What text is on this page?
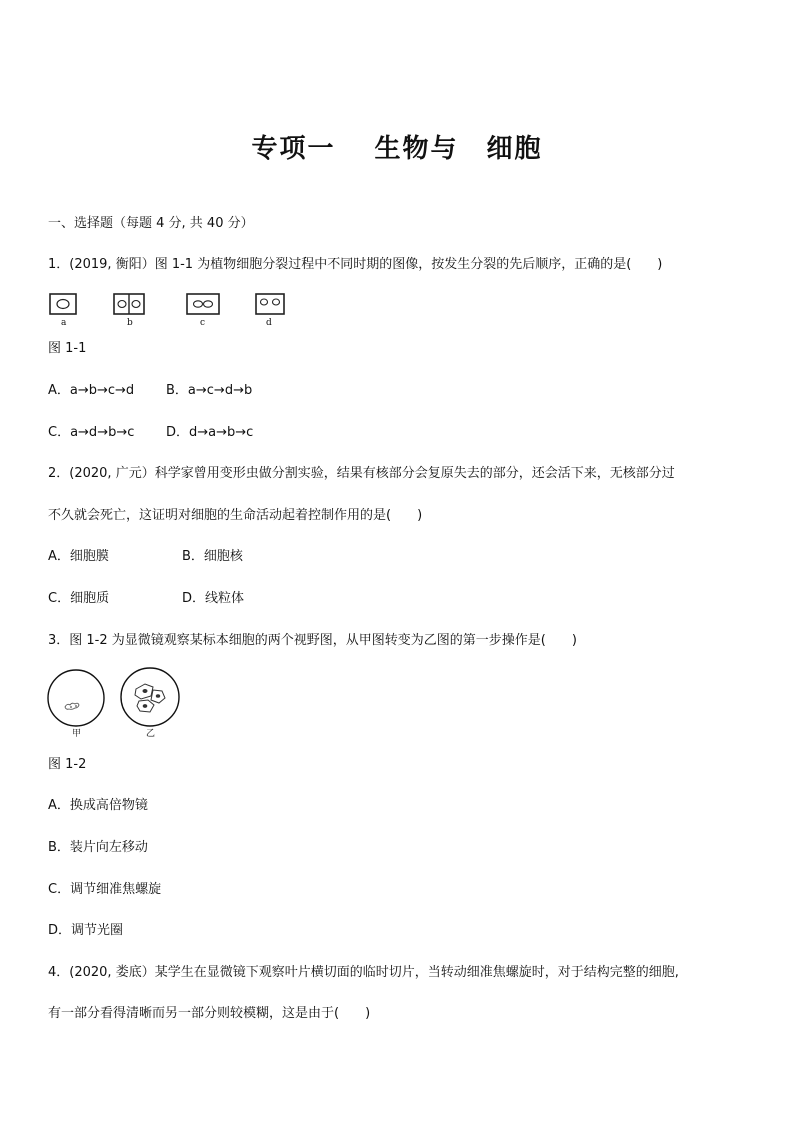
专项一　 生物与　细胞
一、选择题（每题 4 分, 共 40 分）
1．(2019, 衡阳）图 1-1 为植物细胞分裂过程中不同时期的图像，按发生分裂的先后顺序，正确的是(　　)
a	b	c	d
图 1-1
A．a→b→c→d B．a→c→d→b
C．a→d→b→c D．d→a→b→c
2．(2020, 广元）科学家曾用变形虫做分割实验，结果有核部分会复原失去的部分，还会活下来，无核部分过
不久就会死亡，这证明对细胞的生命活动起着控制作用的是(　　)
A．细胞膜	B．细胞核
C．细胞质	D．线粒体
3．图 1-2 为显微镜观察某标本细胞的两个视野图，从甲图转变为乙图的第一步操作是(　　)
甲	乙
图 1-2
A．换成高倍物镜
B．装片向左移动
C．调节细准焦螺旋
D．调节光圈
4．(2020, 娄底）某学生在显微镜下观察叶片横切面的临时切片，当转动细准焦螺旋时，对于结构完整的细胞,
有一部分看得清晰而另一部分则较模糊，这是由于(　　)
